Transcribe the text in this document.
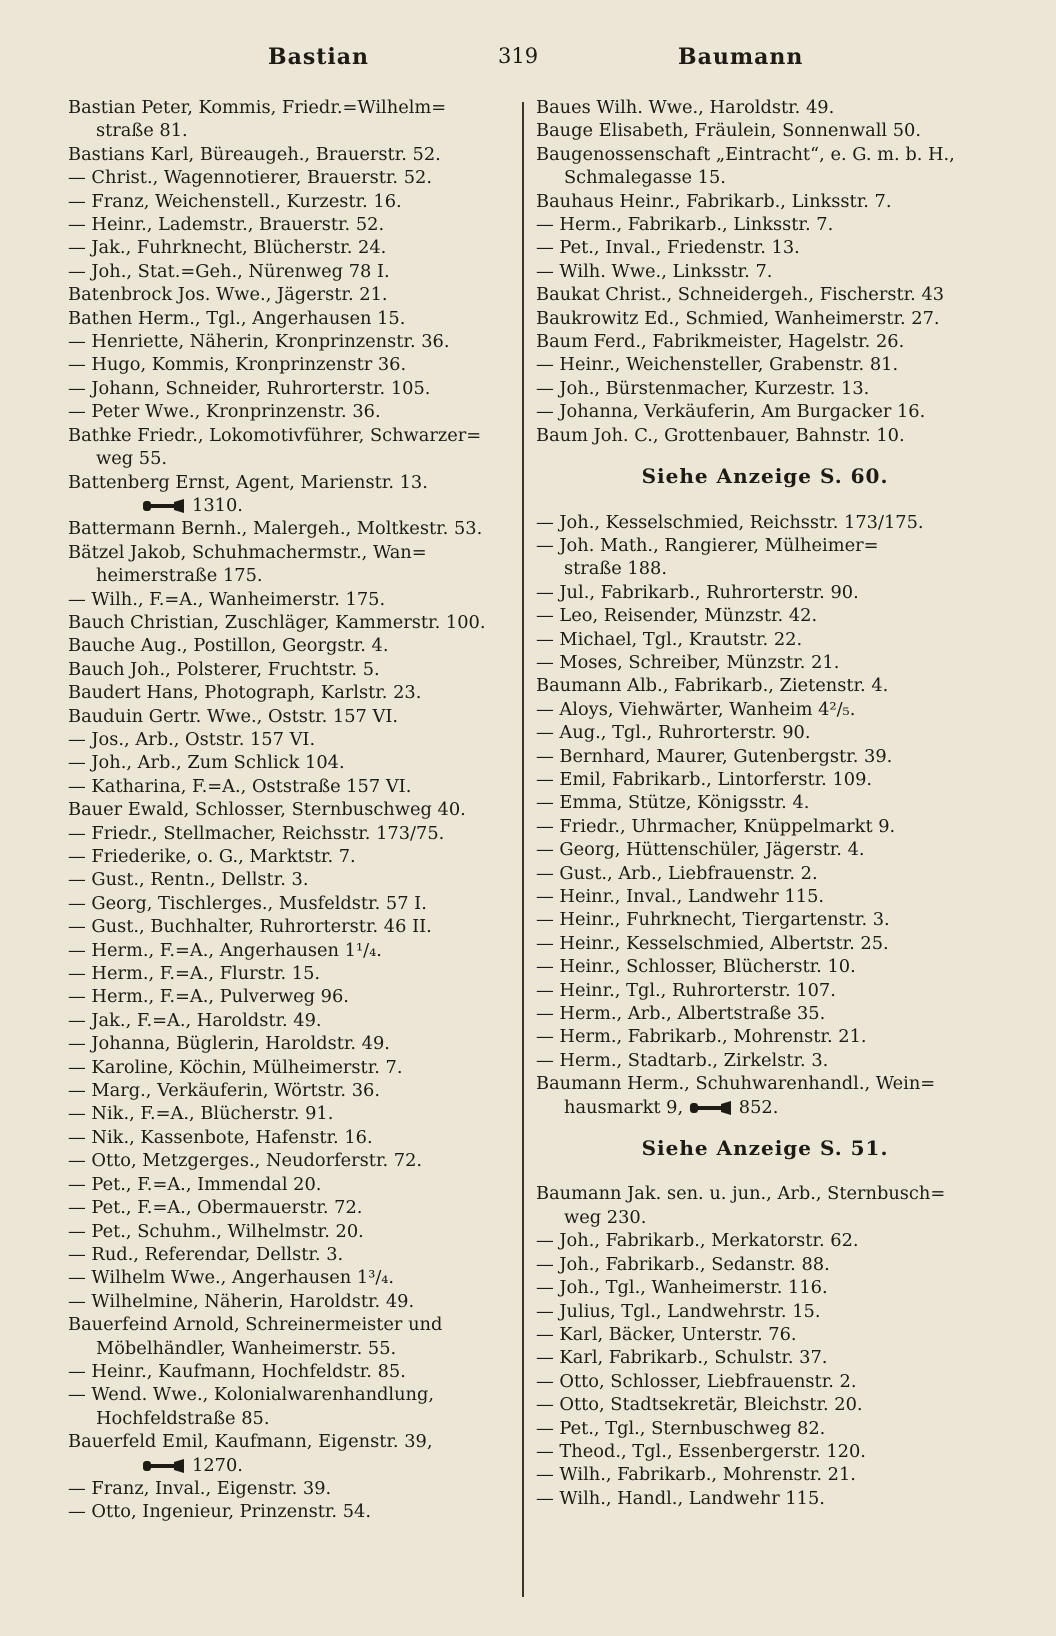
Bastian	319	Baumann
Bastian Peter, Kommis, Friedr.=Wilhelm=
straße 81.
Bastians Karl, Büreaugeh., Brauerstr. 52.
— Christ., Wagennotierer, Brauerstr. 52.
— Franz, Weichenstell., Kurzestr. 16.
— Heinr., Lademstr., Brauerstr. 52.
— Jak., Fuhrknecht, Blücherstr. 24.
— Joh., Stat.=Geh., Nürenweg 78 I.
Batenbrock Jos. Wwe., Jägerstr. 21.
Bathen Herm., Tgl., Angerhausen 15.
— Henriette, Näherin, Kronprinzenstr. 36.
— Hugo, Kommis, Kronprinzenstr 36.
— Johann, Schneider, Ruhrorterstr. 105.
— Peter Wwe., Kronprinzenstr. 36.
Bathke Friedr., Lokomotivführer, Schwarzer=
weg 55.
Battenberg Ernst, Agent, Marienstr. 13.
1310.
Battermann Bernh., Malergeh., Moltkestr. 53.
Bätzel Jakob, Schuhmachermstr., Wan=
heimerstraße 175.
— Wilh., F.=A., Wanheimerstr. 175.
Bauch Christian, Zuschläger, Kammerstr. 100.
Bauche Aug., Postillon, Georgstr. 4.
Bauch Joh., Polsterer, Fruchtstr. 5.
Baudert Hans, Photograph, Karlstr. 23.
Bauduin Gertr. Wwe., Oststr. 157 VI.
— Jos., Arb., Oststr. 157 VI.
— Joh., Arb., Zum Schlick 104.
— Katharina, F.=A., Oststraße 157 VI.
Bauer Ewald, Schlosser, Sternbuschweg 40.
— Friedr., Stellmacher, Reichsstr. 173/75.
— Friederike, o. G., Marktstr. 7.
— Gust., Rentn., Dellstr. 3.
— Georg, Tischlerges., Musfeldstr. 57 I.
— Gust., Buchhalter, Ruhrorterstr. 46 II.
— Herm., F.=A., Angerhausen 1¹/₄.
— Herm., F.=A., Flurstr. 15.
— Herm., F.=A., Pulverweg 96.
— Jak., F.=A., Haroldstr. 49.
— Johanna, Büglerin, Haroldstr. 49.
— Karoline, Köchin, Mülheimerstr. 7.
— Marg., Verkäuferin, Wörtstr. 36.
— Nik., F.=A., Blücherstr. 91.
— Nik., Kassenbote, Hafenstr. 16.
— Otto, Metzgerges., Neudorferstr. 72.
— Pet., F.=A., Immendal 20.
— Pet., F.=A., Obermauerstr. 72.
— Pet., Schuhm., Wilhelmstr. 20.
— Rud., Referendar, Dellstr. 3.
— Wilhelm Wwe., Angerhausen 1³/₄.
— Wilhelmine, Näherin, Haroldstr. 49.
Bauerfeind Arnold, Schreinermeister und
Möbelhändler, Wanheimerstr. 55.
— Heinr., Kaufmann, Hochfeldstr. 85.
— Wend. Wwe., Kolonialwarenhandlung,
Hochfeldstraße 85.
Bauerfeld Emil, Kaufmann, Eigenstr. 39,
1270.
— Franz, Inval., Eigenstr. 39.
— Otto, Ingenieur, Prinzenstr. 54.
Baues Wilh. Wwe., Haroldstr. 49.
Bauge Elisabeth, Fräulein, Sonnenwall 50.
Baugenossenschaft „Eintracht“, e. G. m. b. H.,
Schmalegasse 15.
Bauhaus Heinr., Fabrikarb., Linksstr. 7.
— Herm., Fabrikarb., Linksstr. 7.
— Pet., Inval., Friedenstr. 13.
— Wilh. Wwe., Linksstr. 7.
Baukat Christ., Schneidergeh., Fischerstr. 43
Baukrowitz Ed., Schmied, Wanheimerstr. 27.
Baum Ferd., Fabrikmeister, Hagelstr. 26.
— Heinr., Weichensteller, Grabenstr. 81.
— Joh., Bürstenmacher, Kurzestr. 13.
— Johanna, Verkäuferin, Am Burgacker 16.
Baum Joh. C., Grottenbauer, Bahnstr. 10.
Siehe Anzeige S. 60.
— Joh., Kesselschmied, Reichsstr. 173/175.
— Joh. Math., Rangierer, Mülheimer=
straße 188.
— Jul., Fabrikarb., Ruhrorterstr. 90.
— Leo, Reisender, Münzstr. 42.
— Michael, Tgl., Krautstr. 22.
— Moses, Schreiber, Münzstr. 21.
Baumann Alb., Fabrikarb., Zietenstr. 4.
— Aloys, Viehwärter, Wanheim 4²/₅.
— Aug., Tgl., Ruhrorterstr. 90.
— Bernhard, Maurer, Gutenbergstr. 39.
— Emil, Fabrikarb., Lintorferstr. 109.
— Emma, Stütze, Königsstr. 4.
— Friedr., Uhrmacher, Knüppelmarkt 9.
— Georg, Hüttenschüler, Jägerstr. 4.
— Gust., Arb., Liebfrauenstr. 2.
— Heinr., Inval., Landwehr 115.
— Heinr., Fuhrknecht, Tiergartenstr. 3.
— Heinr., Kesselschmied, Albertstr. 25.
— Heinr., Schlosser, Blücherstr. 10.
— Heinr., Tgl., Ruhrorterstr. 107.
— Herm., Arb., Albertstraße 35.
— Herm., Fabrikarb., Mohrenstr. 21.
— Herm., Stadtarb., Zirkelstr. 3.
Baumann Herm., Schuhwarenhandl., Wein=
hausmarkt 9,	852.
Siehe Anzeige S. 51.
Baumann Jak. sen. u. jun., Arb., Sternbusch=
weg 230.
— Joh., Fabrikarb., Merkatorstr. 62.
— Joh., Fabrikarb., Sedanstr. 88.
— Joh., Tgl., Wanheimerstr. 116.
— Julius, Tgl., Landwehrstr. 15.
— Karl, Bäcker, Unterstr. 76.
— Karl, Fabrikarb., Schulstr. 37.
— Otto, Schlosser, Liebfrauenstr. 2.
— Otto, Stadtsekretär, Bleichstr. 20.
— Pet., Tgl., Sternbuschweg 82.
— Theod., Tgl., Essenbergerstr. 120.
— Wilh., Fabrikarb., Mohrenstr. 21.
— Wilh., Handl., Landwehr 115.
